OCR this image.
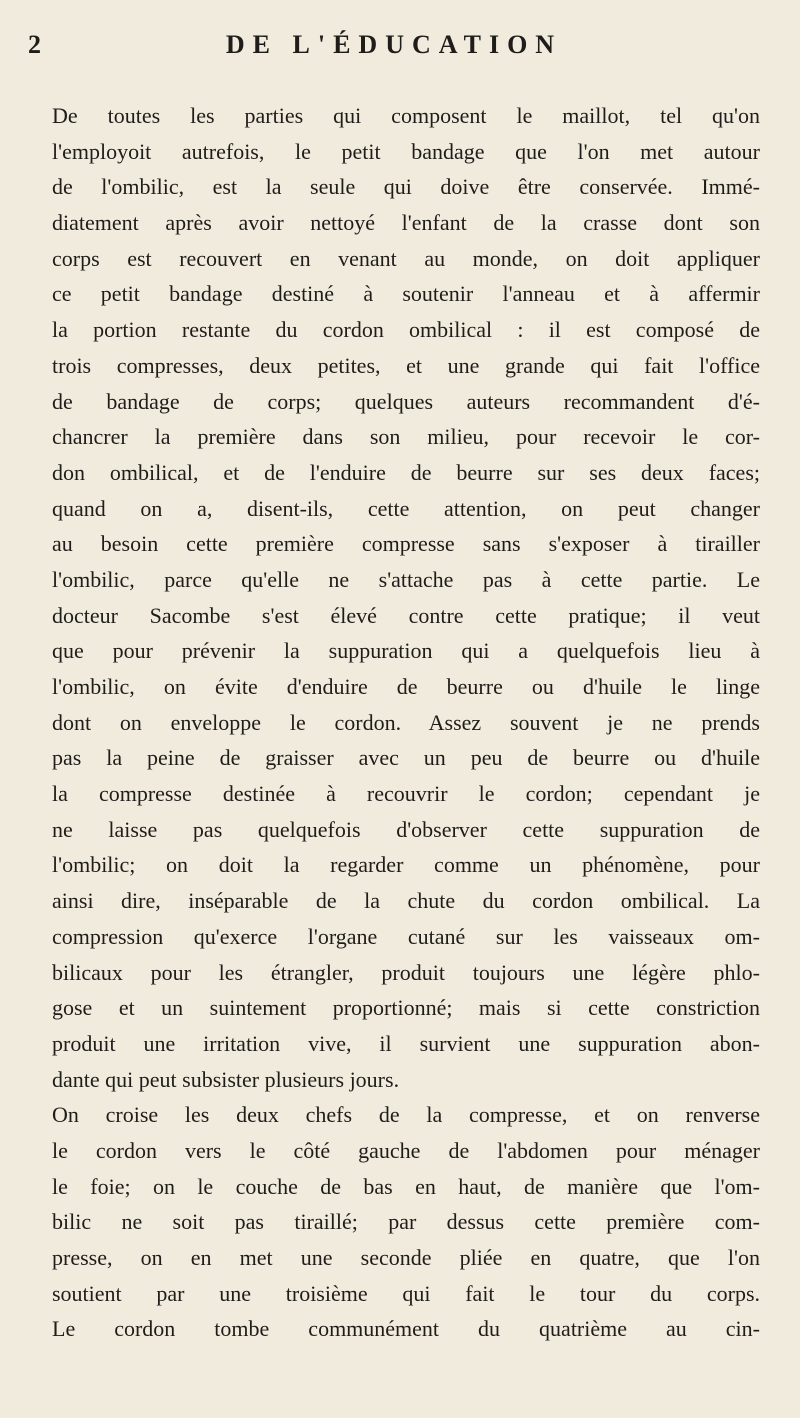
2	DE L'ÉDUCATION
De toutes les parties qui composent le maillot, tel qu'on
l'employoit autrefois, le petit bandage que l'on met autour
de l'ombilic, est la seule qui doive être conservée. Immé-
diatement après avoir nettoyé l'enfant de la crasse dont son
corps est recouvert en venant au monde, on doit appliquer
ce petit bandage destiné à soutenir l'anneau et à affermir
la portion restante du cordon ombilical : il est composé de
trois compresses, deux petites, et une grande qui fait l'office
de bandage de corps; quelques auteurs recommandent d'é-
chancrer la première dans son milieu, pour recevoir le cor-
don ombilical, et de l'enduire de beurre sur ses deux faces;
quand on a, disent-ils, cette attention, on peut changer
au besoin cette première compresse sans s'exposer à tirailler
l'ombilic, parce qu'elle ne s'attache pas à cette partie. Le
docteur Sacombe s'est élevé contre cette pratique; il veut
que pour prévenir la suppuration qui a quelquefois lieu à
l'ombilic, on évite d'enduire de beurre ou d'huile le linge
dont on enveloppe le cordon. Assez souvent je ne prends
pas la peine de graisser avec un peu de beurre ou d'huile
la compresse destinée à recouvrir le cordon; cependant je
ne laisse pas quelquefois d'observer cette suppuration de
l'ombilic; on doit la regarder comme un phénomène, pour
ainsi dire, inséparable de la chute du cordon ombilical. La
compression qu'exerce l'organe cutané sur les vaisseaux om-
bilicaux pour les étrangler, produit toujours une légère phlo-
gose et un suintement proportionné; mais si cette constriction
produit une irritation vive, il survient une suppuration abon-
dante qui peut subsister plusieurs jours.
On croise les deux chefs de la compresse, et on renverse
le cordon vers le côté gauche de l'abdomen pour ménager
le foie; on le couche de bas en haut, de manière que l'om-
bilic ne soit pas tiraillé; par dessus cette première com-
presse, on en met une seconde pliée en quatre, que l'on
soutient par une troisième qui fait le tour du corps.
Le cordon tombe communément du quatrième au cin-
